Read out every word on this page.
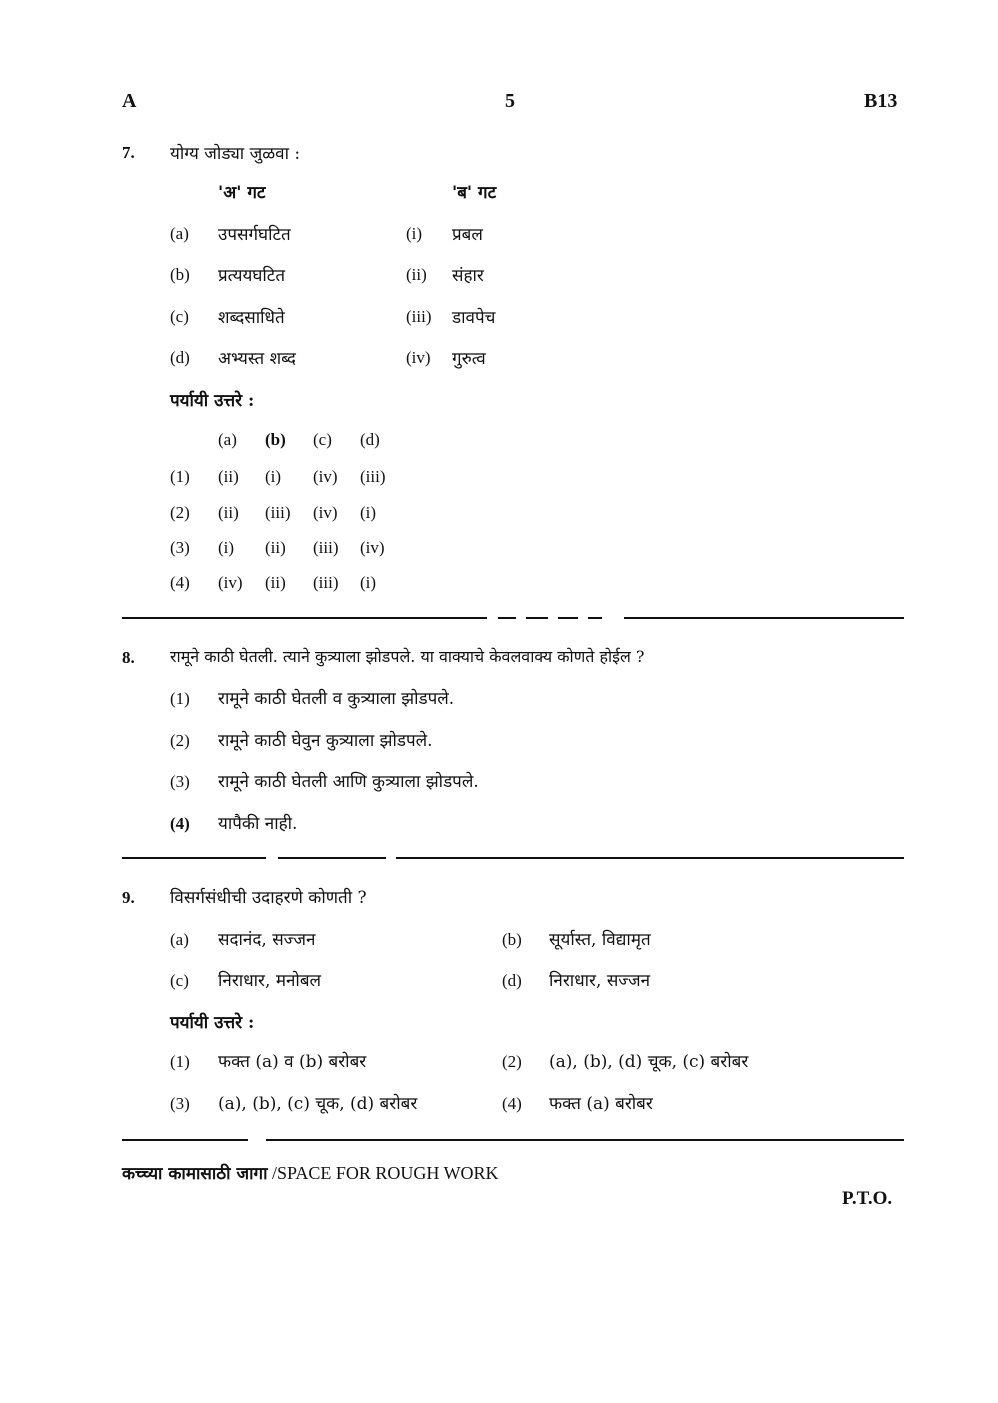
A	5	B13
7. योग्य जोड्या जुळवा :
'अ' गट	'ब' गट
(a) उपसर्गघटित	(i) प्रबल
(b) प्रत्ययघटित	(ii) संहार
(c) शब्दसाधिते	(iii) डावपेच
(d) अभ्यस्त शब्द	(iv) गुरुत्व
पर्यायी उत्तरे :
(a) (b) (c) (d)
(1) (ii) (i) (iv) (iii)
(2) (ii) (iii) (iv) (i)
(3) (i) (ii) (iii) (iv)
(4) (iv) (ii) (iii) (i)
8. रामूने काठी घेतली. त्याने कुत्र्याला झोडपले. या वाक्याचे केवलवाक्य कोणते होईल ?
(1) रामूने काठी घेतली व कुत्र्याला झोडपले.
(2) रामूने काठी घेवुन कुत्र्याला झोडपले.
(3) रामूने काठी घेतली आणि कुत्र्याला झोडपले.
(4) यापैकी नाही.
9. विसर्गसंधीची उदाहरणे कोणती ?
(a) सदानंद, सज्जन	(b) सूर्यास्त, विद्यामृत
(c) निराधार, मनोबल	(d) निराधार, सज्जन
पर्यायी उत्तरे :
(1) फक्त (a) व (b) बरोबर	(2) (a), (b), (d) चूक, (c) बरोबर
(3) (a), (b), (c) चूक, (d) बरोबर	(4) फक्त (a) बरोबर
कच्च्या कामासाठी जागा /SPACE FOR ROUGH WORK
P.T.O.
